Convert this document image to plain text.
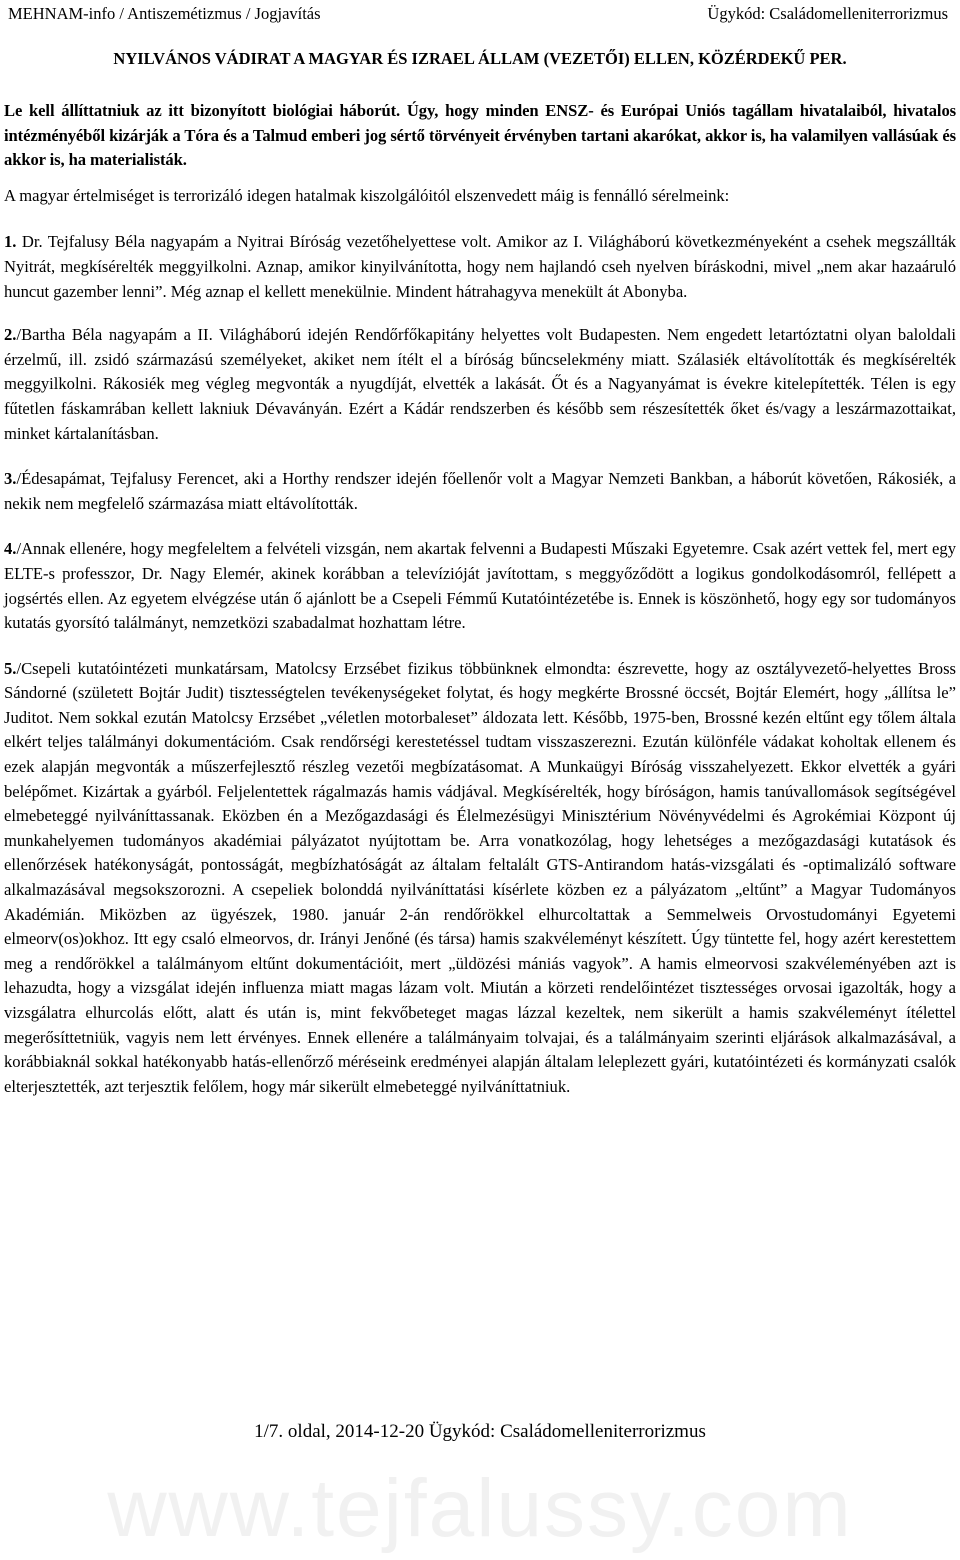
MEHNAM-info / Antiszemétizmus / Jogjavítás	Ügykód: Családomelleniterrorizmus
NYILVÁNOS VÁDIRAT A MAGYAR ÉS IZRAEL ÁLLAM (VEZETŐI) ELLEN, KÖZÉRDEKŰ PER.

Le kell állíttatniuk az itt bizonyított biológiai háborút. Úgy, hogy minden ENSZ- és Európai Uniós tagállam hivatalaiból, hivatalos intézményéből kizárják a Tóra és a Talmud emberi jog sértő törvényeit érvényben tartani akarókat, akkor is, ha valamilyen vallásúak és akkor is, ha materialisták.

A magyar értelmiséget is terrorizáló idegen hatalmak kiszolgálóitól elszenvedett máig is fennálló sérelmeink:

1. Dr. Tejfalusy Béla nagyapám a Nyitrai Bíróság vezetőhelyettese volt. Amikor az I. Világháború következményeként a csehek megszállták Nyitrát, megkísérelték meggyilkolni. Aznap, amikor kinyilvánította, hogy nem hajlandó cseh nyelven bíráskodni, mivel „nem akar hazaáruló huncut gazember lenni”. Még aznap el kellett menekülnie. Mindent hátrahagyva menekült át Abonyba.

2./Bartha Béla nagyapám a II. Világháború idején Rendőrfőkapitány helyettes volt Budapesten. Nem engedett letartóztatni olyan baloldali érzelmű, ill. zsidó származású személyeket, akiket nem ítélt el a bíróság bűncselekmény miatt. Szálasiék eltávolították és megkísérelték meggyilkolni. Rákosiék meg végleg megvonták a nyugdíját, elvették a lakását. Őt és a Nagyanyámat is évekre kitelepítették. Télen is egy fűtetlen fáskamrában kellett lakniuk Dévaványán. Ezért a Kádár rendszerben és később sem részesítették őket és/vagy a leszármazottaikat, minket kártalanításban.

3./Édesapámat, Tejfalusy Ferencet, aki a Horthy rendszer idején főellenőr volt a Magyar Nemzeti Bankban, a háborút követően, Rákosiék, a nekik nem megfelelő származása miatt eltávolították.

4./Annak ellenére, hogy megfeleltem a felvételi vizsgán, nem akartak felvenni a Budapesti Műszaki Egyetemre. Csak azért vettek fel, mert egy ELTE-s professzor, Dr. Nagy Elemér, akinek korábban a televízióját javítottam, s meggyőződött a logikus gondolkodásomról, fellépett a jogsértés ellen. Az egyetem elvégzése után ő ajánlott be a Csepeli Fémmű Kutatóintézetébe is. Ennek is köszönhető, hogy egy sor tudományos kutatás gyorsító találmányt, nemzetközi szabadalmat hozhattam létre.

5./Csepeli kutatóintézeti munkatársam, Matolcsy Erzsébet fizikus többünknek elmondta: észrevette, hogy az osztályvezető-helyettes Bross Sándorné (született Bojtár Judit) tisztességtelen tevékenységeket folytat, és hogy megkérte Brossné öccsét, Bojtár Elemért, hogy „állítsa le” Juditot. Nem sokkal ezután Matolcsy Erzsébet „véletlen motorbaleset” áldozata lett. Később, 1975-ben, Brossné kezén eltűnt egy tőlem általa elkért teljes találmányi dokumentációm. Csak rendőrségi kerestetéssel tudtam visszaszerezni. Ezután különféle vádakat koholtak ellenem és ezek alapján megvonták a műszerfejlesztő részleg vezetői megbízatásomat. A Munkaügyi Bíróság visszahelyezett. Ekkor elvették a gyári belépőmet. Kizártak a gyárból. Feljelentettek rágalmazás hamis vádjával. Megkísérelték, hogy bíróságon, hamis tanúvallomások segítségével elmebeteggé nyilváníttassanak. Eközben én a Mezőgazdasági és Élelmezésügyi Minisztérium Növényvédelmi és Agrokémiai Központ új munkahelyemen tudományos akadémiai pályázatot nyújtottam be. Arra vonatkozólag, hogy lehetséges a mezőgazdasági kutatások és ellenőrzések hatékonyságát, pontosságát, megbízhatóságát az általam feltalált GTS-Antirandom hatás-vizsgálati és -optimalizáló software alkalmazásával megsokszorozni. A csepeliek bolonddá nyilváníttatási kísérlete közben ez a pályázatom „eltűnt” a Magyar Tudományos Akadémián. Miközben az ügyészek, 1980. január 2-án rendőrökkel elhurcoltattak a Semmelweis Orvostudományi Egyetemi elmeorv(os)okhoz. Itt egy csaló elmeorvos, dr. Irányi Jenőné (és társa) hamis szakvéleményt készített. Úgy tüntette fel, hogy azért kerestettem meg a rendőrökkel a találmányom eltűnt dokumentációit, mert „üldözési mániás vagyok”. A hamis elmeorvosi szakvéleményében azt is lehazudta, hogy a vizsgálat idején influenza miatt magas lázam volt. Miután a körzeti rendelőintézet tisztességes orvosai igazolták, hogy a vizsgálatra elhurcolás előtt, alatt és után is, mint fekvőbeteget magas lázzal kezeltek, nem sikerült a hamis szakvéleményt ítélettel megerősíttetniük, vagyis nem lett érvényes. Ennek ellenére a találmányaim tolvajai, és a találmányaim szerinti eljárások alkalmazásával, a korábbiaknál sokkal hatékonyabb hatás-ellenőrző méréseink eredményei alapján általam leleplezett gyári, kutatóintézeti és kormányzati csalók elterjesztették, azt terjesztik felőlem, hogy már sikerült elmebeteggé nyilváníttatniuk.

1/7. oldal, 2014-12-20 Ügykód: Családomelleniterrorizmus
www.tejfalussy.com
